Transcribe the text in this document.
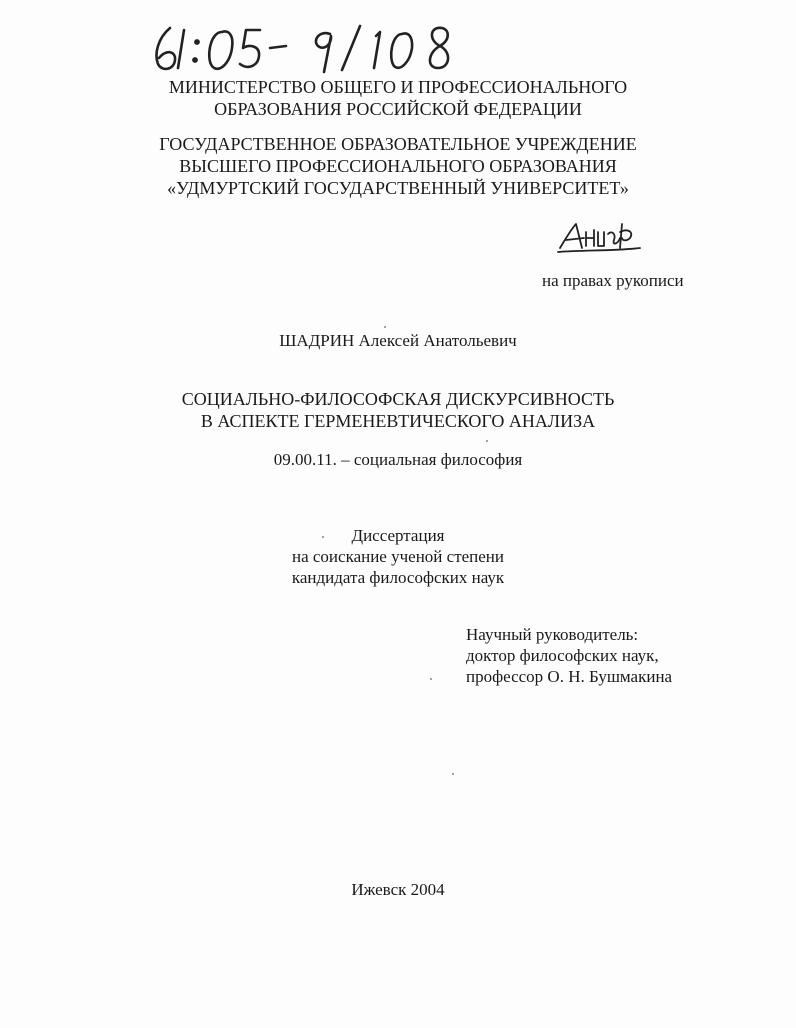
МИНИСТЕРСТВО ОБЩЕГО И ПРОФЕССИОНАЛЬНОГО
ОБРАЗОВАНИЯ РОССИЙСКОЙ ФЕДЕРАЦИИ
ГОСУДАРСТВЕННОЕ ОБРАЗОВАТЕЛЬНОЕ УЧРЕЖДЕНИЕ
ВЫСШЕГО ПРОФЕССИОНАЛЬНОГО ОБРАЗОВАНИЯ
«УДМУРТСКИЙ ГОСУДАРСТВЕННЫЙ УНИВЕРСИТЕТ»
на правах рукописи
ШАДРИН Алексей Анатольевич
СОЦИАЛЬНО-ФИЛОСОФСКАЯ ДИСКУРСИВНОСТЬ
В АСПЕКТЕ ГЕРМЕНЕВТИЧЕСКОГО АНАЛИЗА
09.00.11. – социальная философия
Диссертация
на соискание ученой степени
кандидата философских наук
Научный руководитель:
доктор философских наук,
профессор О. Н. Бушмакина
Ижевск 2004
